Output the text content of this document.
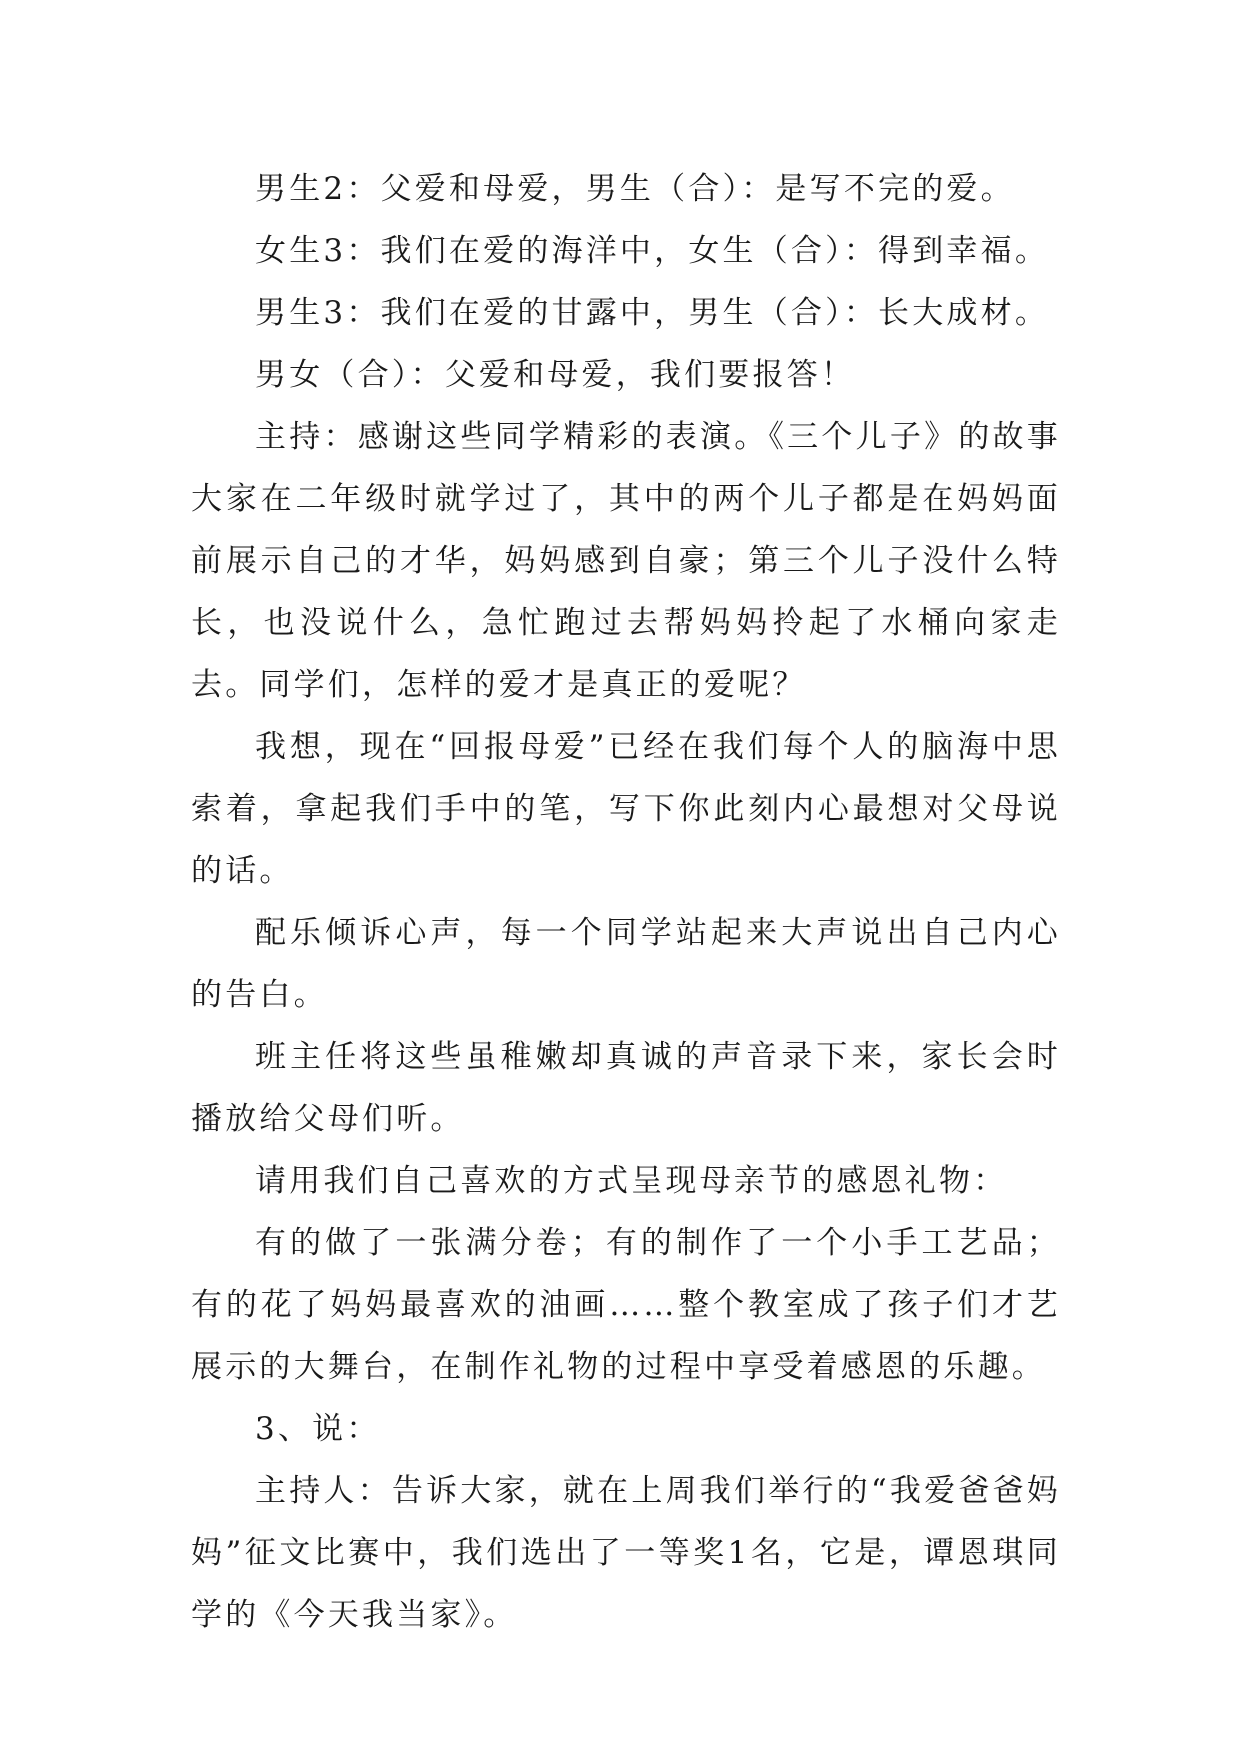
男生2：父爱和母爱，男生（合）：是写不完的爱。

女生3：我们在爱的海洋中，女生（合）：得到幸福。

男生3：我们在爱的甘露中，男生（合）：长大成材。

男女（合）：父爱和母爱，我们要报答！

主持：感谢这些同学精彩的表演。《三个儿子》的故事大家在二年级时就学过了，其中的两个儿子都是在妈妈面前展示自己的才华，妈妈感到自豪；第三个儿子没什么特长，也没说什么，急忙跑过去帮妈妈拎起了水桶向家走去。同学们，怎样的爱才是真正的爱呢？

我想，现在“回报母爱”已经在我们每个人的脑海中思索着，拿起我们手中的笔，写下你此刻内心最想对父母说的话。

配乐倾诉心声，每一个同学站起来大声说出自己内心的告白。

班主任将这些虽稚嫩却真诚的声音录下来，家长会时播放给父母们听。

请用我们自己喜欢的方式呈现母亲节的感恩礼物：

有的做了一张满分卷；有的制作了一个小手工艺品；有的花了妈妈最喜欢的油画……整个教室成了孩子们才艺展示的大舞台，在制作礼物的过程中享受着感恩的乐趣。

3、说：

主持人：告诉大家，就在上周我们举行的“我爱爸爸妈妈”征文比赛中，我们选出了一等奖1名，它是，谭恩琪同学的《今天我当家》。
